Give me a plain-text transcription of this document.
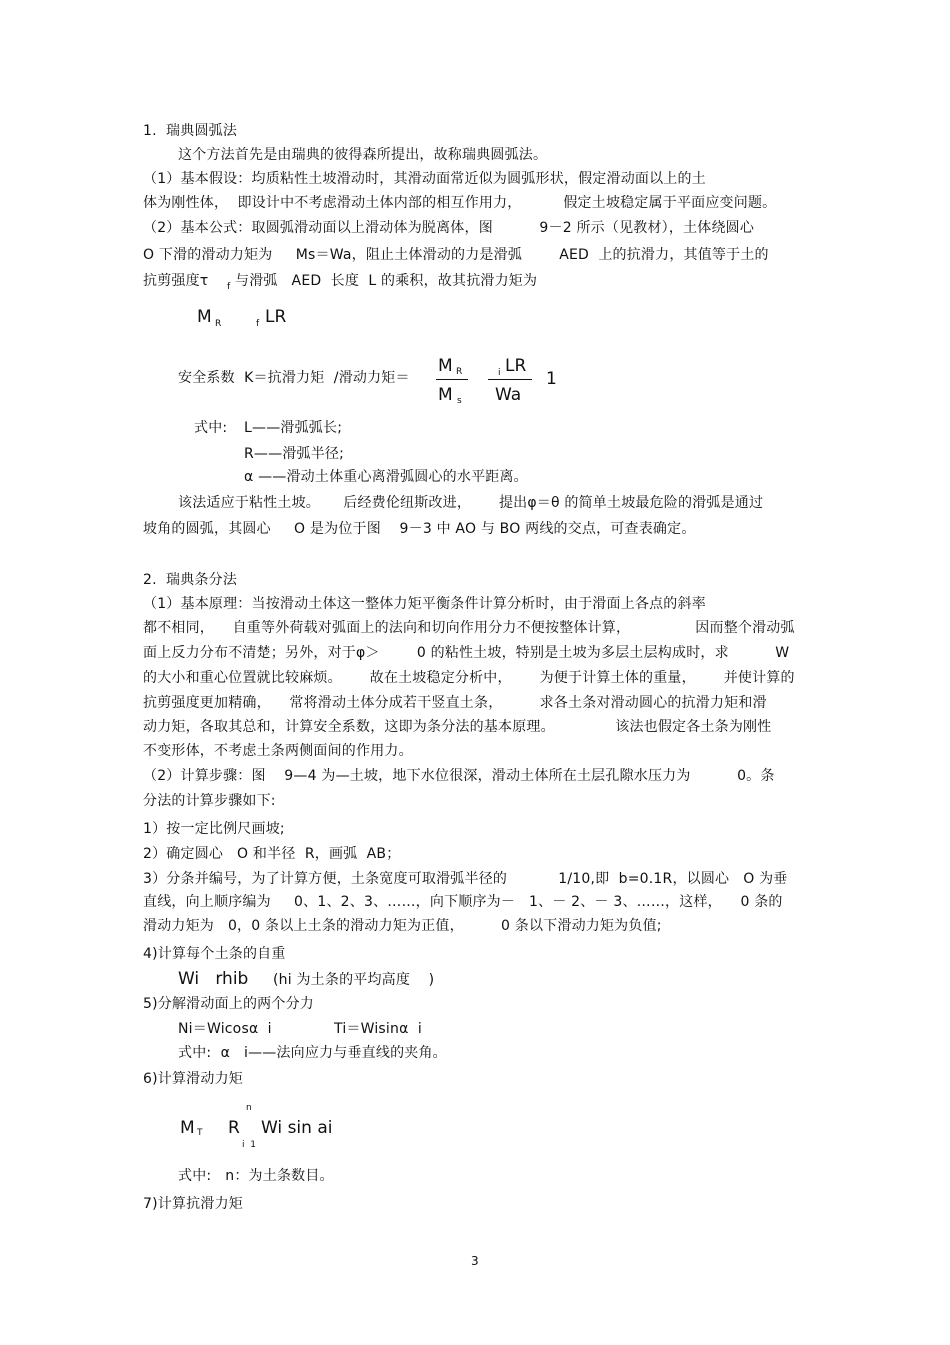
1.  瑞典圆弧法
这个方法首先是由瑞典的彼得森所提出，故称瑞典圆弧法。
（1）基本假设：均质粘性土坡滑动时，其滑动面常近似为圆弧形状，假定滑动面以上的土
体为刚性体，  即设计中不考虑滑动土体内部的相互作用力，         假定土坡稳定属于平面应变问题。
（2）基本公式：取圆弧滑动面以上滑动体为脱离体，图          9－2 所示（见教材），土体绕圆心
O 下滑的滑动力矩为     Ms＝Wa，阻止土体滑动的力是滑弧        AED  上的抗滑力，其值等于土的
抗剪强度τ f 与滑弧   AED  长度  L 的乘积，故其抗滑力矩为
M R	f LR
安全系数  K＝抗滑力矩  /滑动力矩＝
M R
M s
i LR
Wa
1
式中: L——滑弧弧长;
R——滑弧半径;
α ——滑动土体重心离滑弧圆心的水平距离。
该法适应于粘性土坡。     后经费伦纽斯改进，      提出φ＝θ 的简单土坡最危险的滑弧是通过
坡角的圆弧，其圆心     O 是为位于图    9－3 中 AO 与 BO 两线的交点，可查表确定。
2.  瑞典条分法
（1）基本原理：当按滑动土体这一整体力矩平衡条件计算分析时，由于滑面上各点的斜率
都不相同，    自重等外荷载对弧面上的法向和切向作用分力不便按整体计算，              因而整个滑动弧
面上反力分布不清楚；另外，对于φ＞        0 的粘性土坡，特别是土坡为多层土层构成时，求          W
的大小和重心位置就比较麻烦。      故在土坡稳定分析中，      为便于计算土体的重量，      并使计算的
抗剪强度更加精确，    常将滑动土体分成若干竖直土条，        求各土条对滑动圆心的抗滑力矩和滑
动力矩，各取其总和，计算安全系数，这即为条分法的基本原理。             该法也假定各土条为刚性
不变形体，不考虑土条两侧面间的作用力。
（2）计算步骤：图    9—4 为—土坡，地下水位很深，滑动土体所在土层孔隙水压力为          0。条
分法的计算步骤如下:
1）按一定比例尺画坡;
2）确定圆心   O 和半径  R，画弧  AB；
3）分条并编号，为了计算方便，土条宽度可取滑弧半径的           1/10,即  b=0.1R，以圆心   O 为垂
直线，向上顺序编为     0、1、2、3、……，向下顺序为－   1、－ 2、－ 3、……，这样，    0 条的
滑动力矩为   0，0 条以上土条的滑动力矩为正值，        0 条以下滑动力矩为负值;
4)计算每个土条的自重
Wi   rhib (hi 为土条的平均高度    )
5)分解滑动面上的两个分力
Ni＝Wicosα  i	Ti＝Wisinα  i
式中:  α   i——法向应力与垂直线的夹角。
6)计算滑动力矩
n
M T R Wi sin ai
i  1
式中:   n：为土条数目。
7)计算抗滑力矩
3
